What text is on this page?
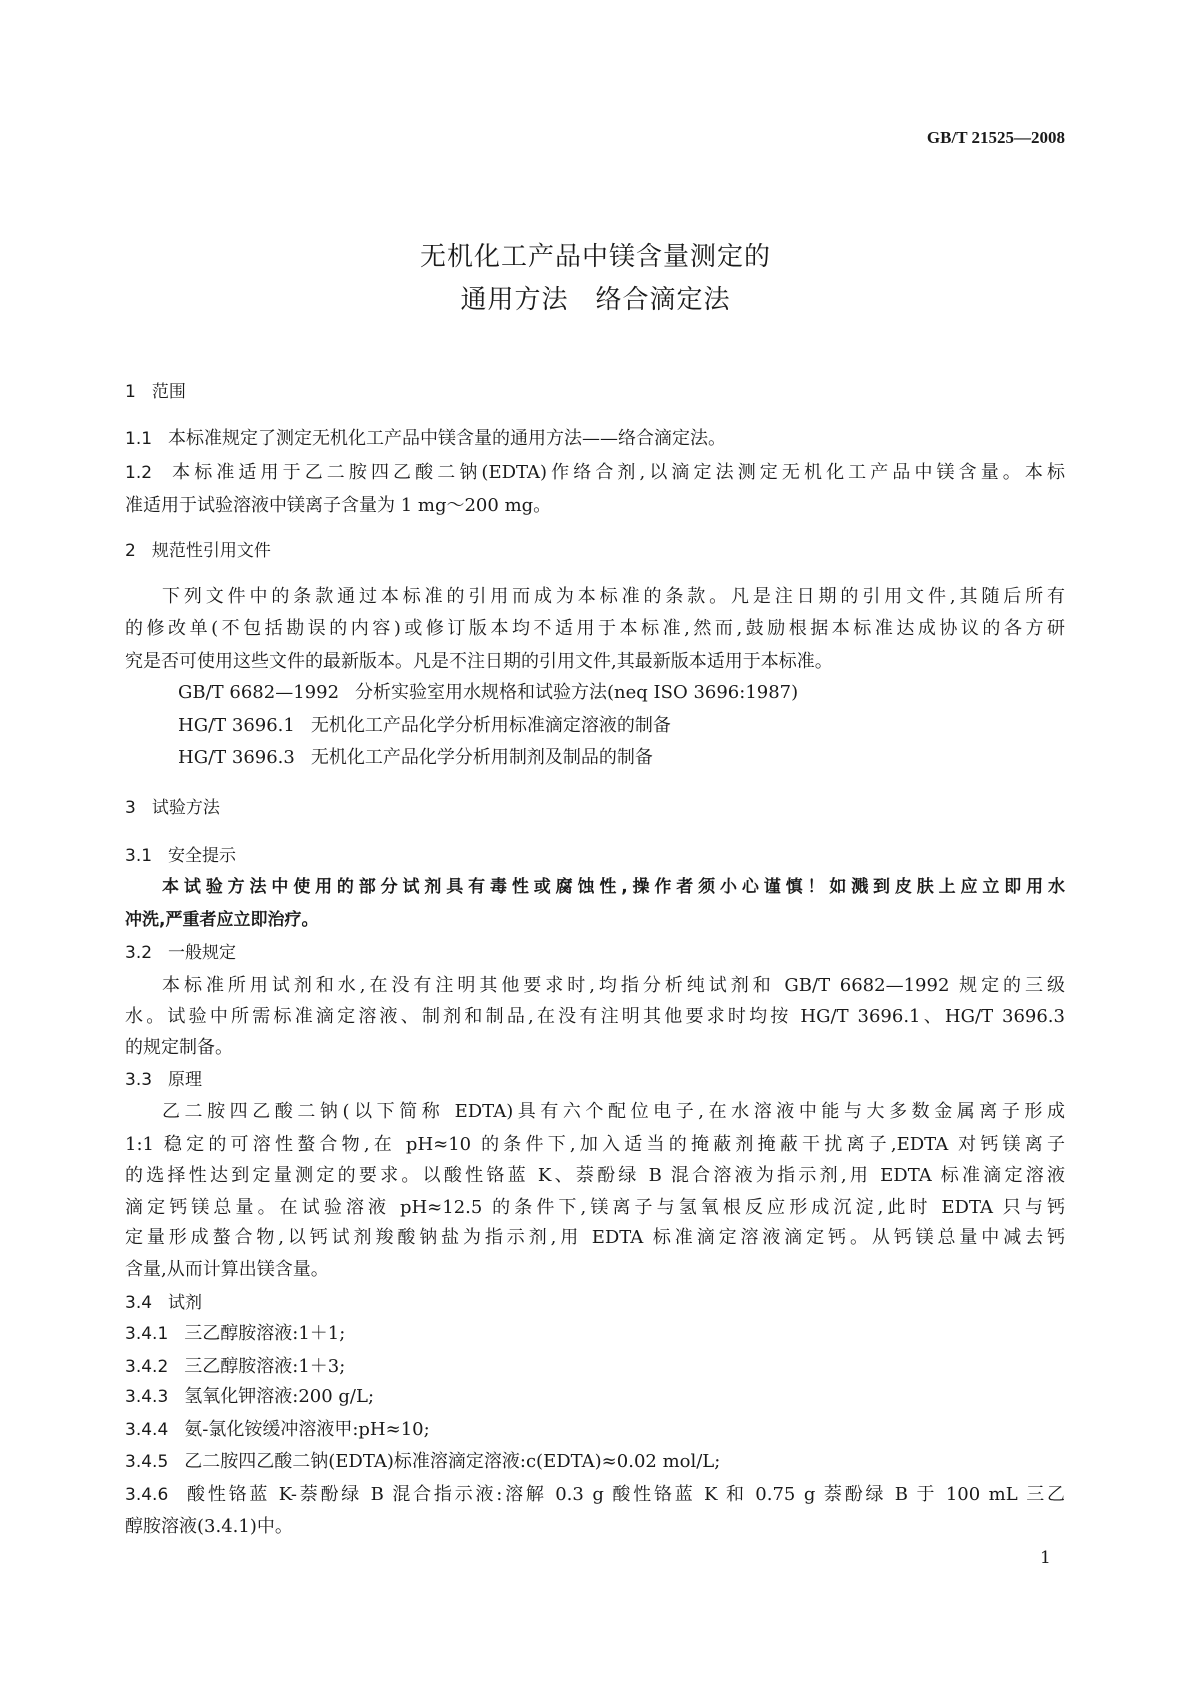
GB/T 21525—2008
无机化工产品中镁含量测定的
通用方法　络合滴定法
1 范围
1.1 本标准规定了测定无机化工产品中镁含量的通用方法——络合滴定法。
1.2 本标准适用于乙二胺四乙酸二钠(EDTA)作络合剂,以滴定法测定无机化工产品中镁含量。本标
准适用于试验溶液中镁离子含量为 1 mg～200 mg。
2 规范性引用文件
下列文件中的条款通过本标准的引用而成为本标准的条款。凡是注日期的引用文件,其随后所有
的修改单(不包括勘误的内容)或修订版本均不适用于本标准,然而,鼓励根据本标准达成协议的各方研
究是否可使用这些文件的最新版本。凡是不注日期的引用文件,其最新版本适用于本标准。
GB/T 6682—1992 分析实验室用水规格和试验方法(neq ISO 3696:1987)
HG/T 3696.1 无机化工产品化学分析用标准滴定溶液的制备
HG/T 3696.3 无机化工产品化学分析用制剂及制品的制备
3 试验方法
3.1 安全提示
本试验方法中使用的部分试剂具有毒性或腐蚀性,操作者须小心谨慎！如溅到皮肤上应立即用水
冲洗,严重者应立即治疗。
3.2 一般规定
本标准所用试剂和水,在没有注明其他要求时,均指分析纯试剂和 GB/T 6682—1992 规定的三级
水。试验中所需标准滴定溶液、制剂和制品,在没有注明其他要求时均按 HG/T 3696.1、HG/T 3696.3
的规定制备。
3.3 原理
乙二胺四乙酸二钠(以下简称 EDTA)具有六个配位电子,在水溶液中能与大多数金属离子形成
1:1 稳定的可溶性螯合物,在 pH≈10 的条件下,加入适当的掩蔽剂掩蔽干扰离子,EDTA 对钙镁离子
的选择性达到定量测定的要求。以酸性铬蓝 K、萘酚绿 B 混合溶液为指示剂,用 EDTA 标准滴定溶液
滴定钙镁总量。在试验溶液 pH≈12.5 的条件下,镁离子与氢氧根反应形成沉淀,此时 EDTA 只与钙
定量形成螯合物,以钙试剂羧酸钠盐为指示剂,用 EDTA 标准滴定溶液滴定钙。从钙镁总量中减去钙
含量,从而计算出镁含量。
3.4 试剂
3.4.1 三乙醇胺溶液:1＋1;
3.4.2 三乙醇胺溶液:1＋3;
3.4.3 氢氧化钾溶液:200 g/L;
3.4.4 氨-氯化铵缓冲溶液甲:pH≈10;
3.4.5 乙二胺四乙酸二钠(EDTA)标准溶滴定溶液:c(EDTA)≈0.02 mol/L;
3.4.6 酸性铬蓝 K-萘酚绿 B 混合指示液:溶解 0.3 g 酸性铬蓝 K 和 0.75 g 萘酚绿 B 于 100 mL 三乙
醇胺溶液(3.4.1)中。
1
